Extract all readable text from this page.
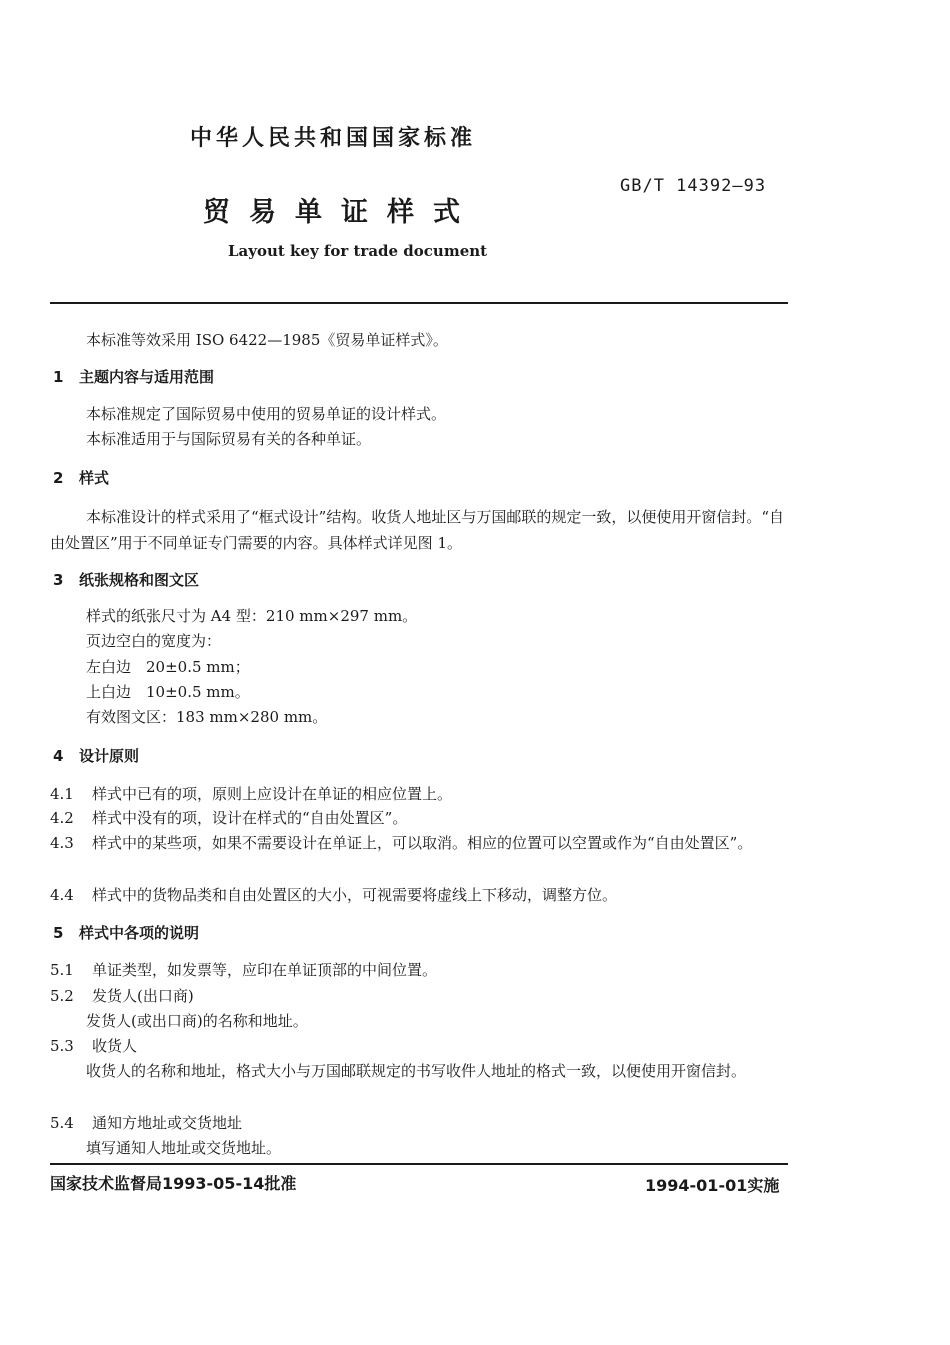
中华人民共和国国家标准
GB/T 14392—93
贸易单证样式
Layout key for trade document
本标准等效采用 ISO 6422—1985《贸易单证样式》。
1 主题内容与适用范围
本标准规定了国际贸易中使用的贸易单证的设计样式。
本标准适用于与国际贸易有关的各种单证。
2 样式
本标准设计的样式采用了“框式设计”结构。收货人地址区与万国邮联的规定一致，以便使用开窗信封。“自由处置区”用于不同单证专门需要的内容。具体样式详见图 1。
3 纸张规格和图文区
样式的纸张尺寸为 A4 型：210 mm×297 mm。
页边空白的宽度为：
左白边　20±0.5 mm；
上白边　10±0.5 mm。
有效图文区：183 mm×280 mm。
4 设计原则
4.1 样式中已有的项，原则上应设计在单证的相应位置上。
4.2 样式中没有的项，设计在样式的“自由处置区”。
4.3 样式中的某些项，如果不需要设计在单证上，可以取消。相应的位置可以空置或作为“自由处置区”。
4.4 样式中的货物品类和自由处置区的大小，可视需要将虚线上下移动，调整方位。
5 样式中各项的说明
5.1 单证类型，如发票等，应印在单证顶部的中间位置。
5.2 发货人(出口商)
发货人(或出口商)的名称和地址。
5.3 收货人
收货人的名称和地址，格式大小与万国邮联规定的书写收件人地址的格式一致，以便使用开窗信封。
5.4 通知方地址或交货地址
填写通知人地址或交货地址。
国家技术监督局1993-05-14批准	1994-01-01实施
